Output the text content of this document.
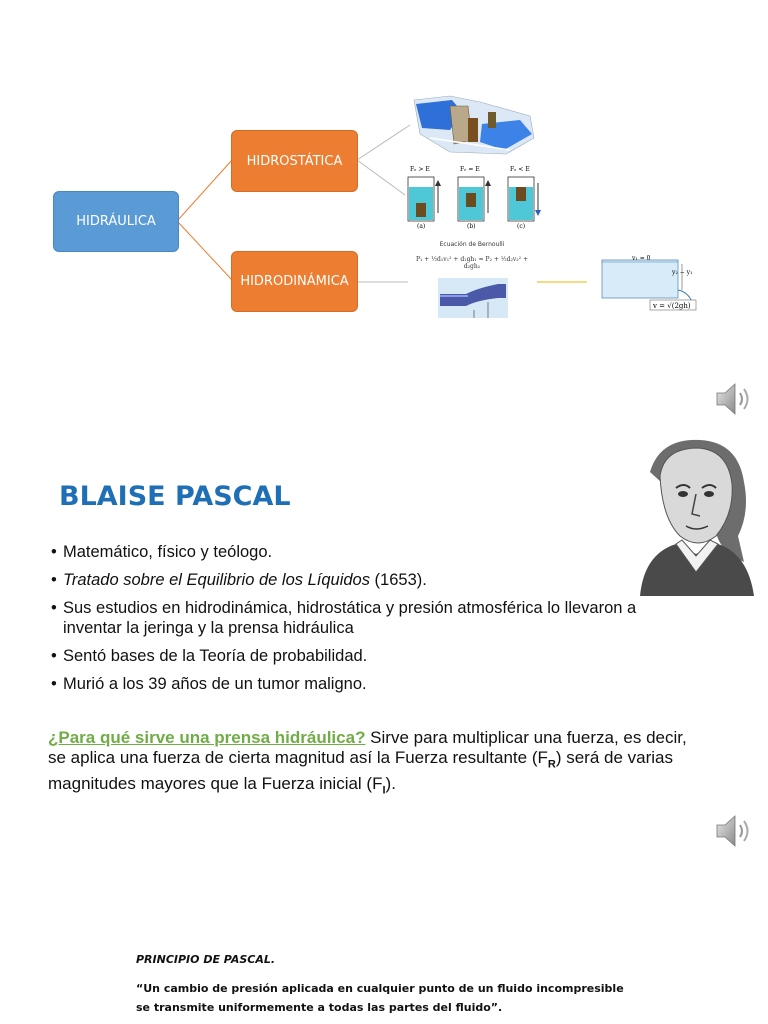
HIDRÁULICA
HIDROSTÁTICA
HIDRODINÁMICA
Fₑ > E
(a)
Fₑ = E
(b)
Fₑ < E
(c)
Ecuación de Bernoulli
P₁ + ½d₁v₁² + d₁gh₁ = P₂ + ½d₂v₂² + d₂gh₂
v₁ = 0
y₂ − y₁
v = √(2gh)
BLAISE PASCAL
• Matemático, físico y teólogo.
• Tratado sobre el Equilibrio de los Líquidos (1653).
• Sus estudios en hidrodinámica, hidrostática y presión atmosférica lo llevaron a inventar la jeringa y la prensa hidráulica
• Sentó bases de la Teoría de probabilidad.
• Murió a los 39 años de un tumor maligno.
¿Para qué sirve una prensa hidráulica? Sirve para multiplicar una fuerza, es decir, se aplica una fuerza de cierta magnitud así la Fuerza resultante $(F_R)$ será de varias magnitudes mayores que la Fuerza inicial $(F_I)$.
PRINCIPIO DE PASCAL.
“Un cambio de presión aplicada en cualquier punto de un fluido incompresible se transmite uniformemente a todas las partes del fluido”.
